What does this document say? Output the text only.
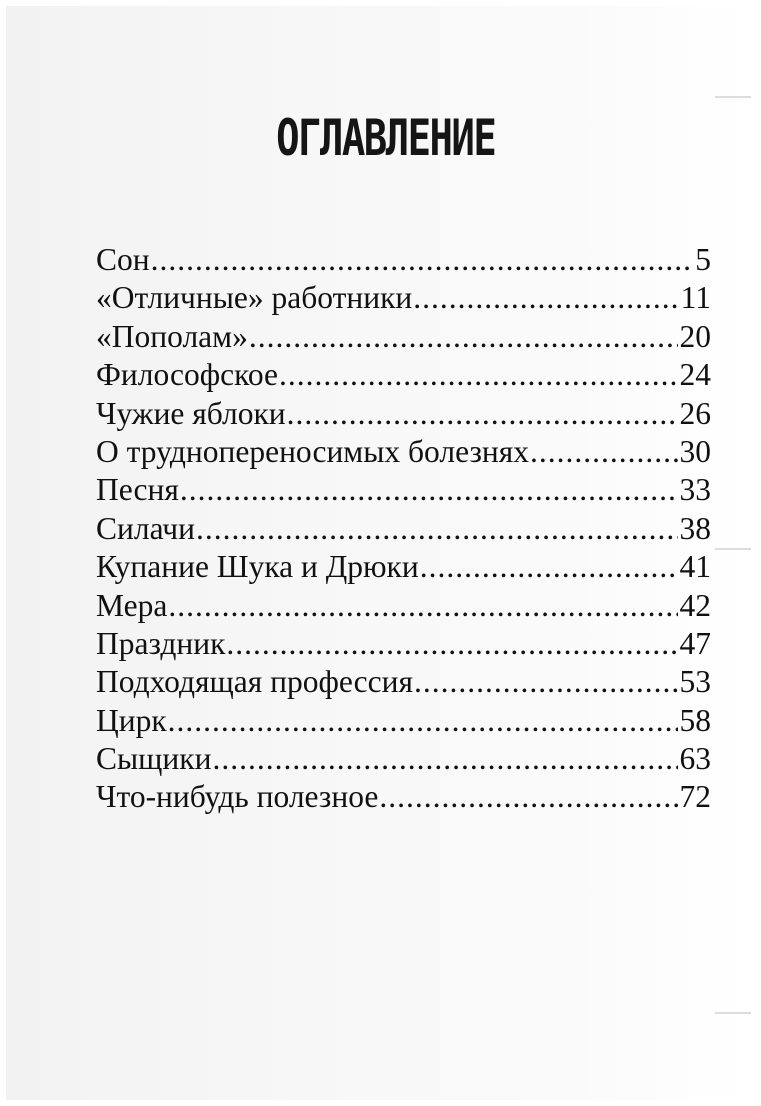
ОГЛАВЛЕНИЕ
Сон .....	5
«Отличные» работники .....	11
«Пополам» .....	20
Философское .....	24
Чужие яблоки .....	26
О труднопереносимых болезнях .....	30
Песня .....	33
Силачи .....	38
Купание Шука и Дрюки .....	41
Мера .....	42
Праздник .....	47
Подходящая профессия .....	53
Цирк .....	58
Сыщики .....	63
Что-нибудь полезное .....	72
